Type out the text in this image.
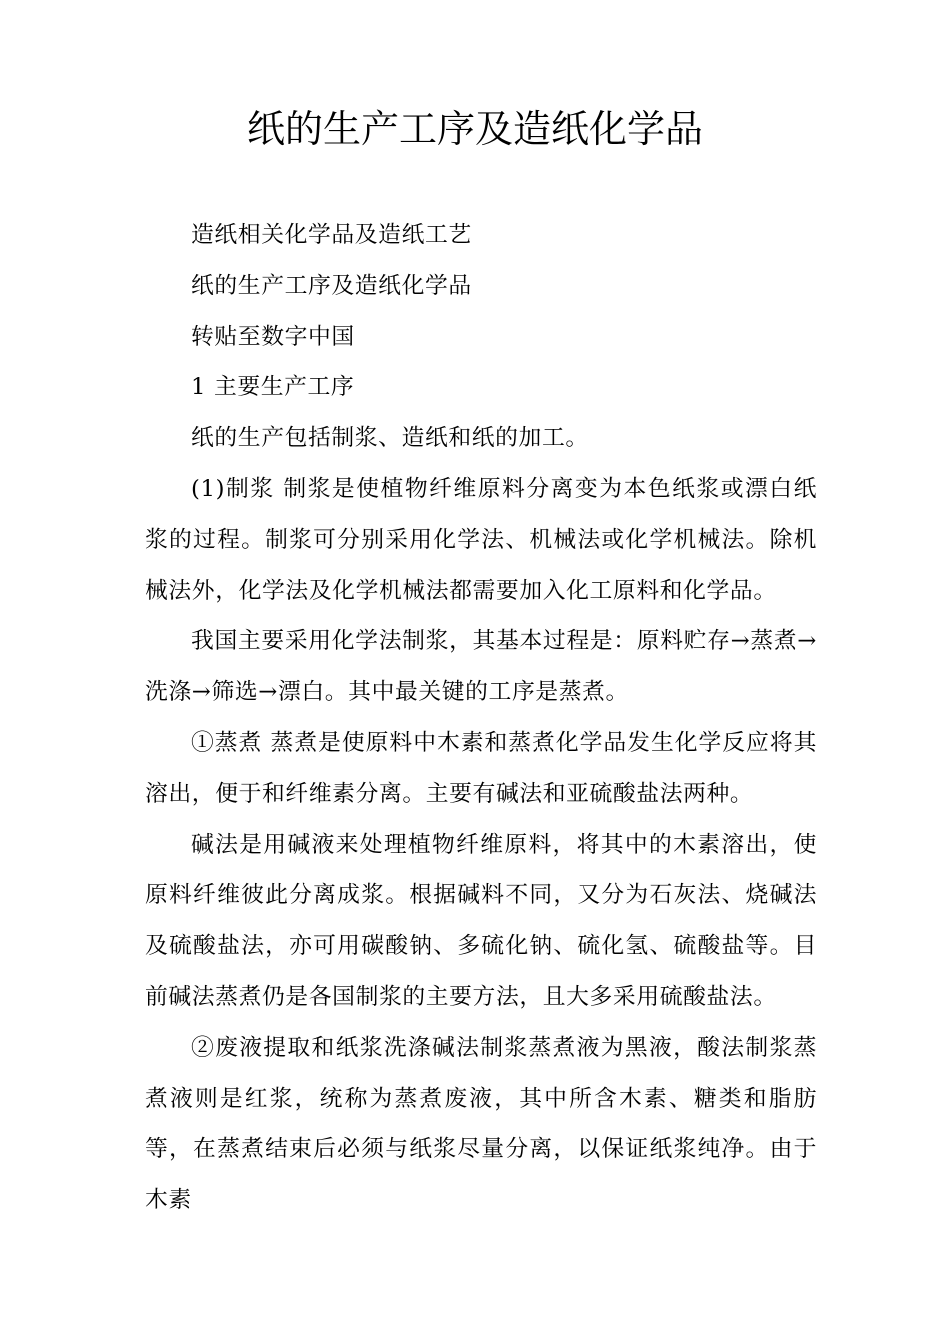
纸的生产工序及造纸化学品

造纸相关化学品及造纸工艺

纸的生产工序及造纸化学品

转贴至数字中国

1 主要生产工序

纸的生产包括制浆、造纸和纸的加工。

(1)制浆 制浆是使植物纤维原料分离变为本色纸浆或漂白纸浆的过程。制浆可分别采用化学法、机械法或化学机械法。除机械法外，化学法及化学机械法都需要加入化工原料和化学品。

我国主要采用化学法制浆，其基本过程是：原料贮存→蒸煮→洗涤→筛选→漂白。其中最关键的工序是蒸煮。

①蒸煮 蒸煮是使原料中木素和蒸煮化学品发生化学反应将其溶出，便于和纤维素分离。主要有碱法和亚硫酸盐法两种。

碱法是用碱液来处理植物纤维原料，将其中的木素溶出，使原料纤维彼此分离成浆。根据碱料不同，又分为石灰法、烧碱法及硫酸盐法，亦可用碳酸钠、多硫化钠、硫化氢、硫酸盐等。目前碱法蒸煮仍是各国制浆的主要方法，且大多采用硫酸盐法。

②废液提取和纸浆洗涤碱法制浆蒸煮液为黑液，酸法制浆蒸煮液则是红浆，统称为蒸煮废液，其中所含木素、糖类和脂肪等，在蒸煮结束后必须与纸浆尽量分离，以保证纸浆纯净。由于木素
